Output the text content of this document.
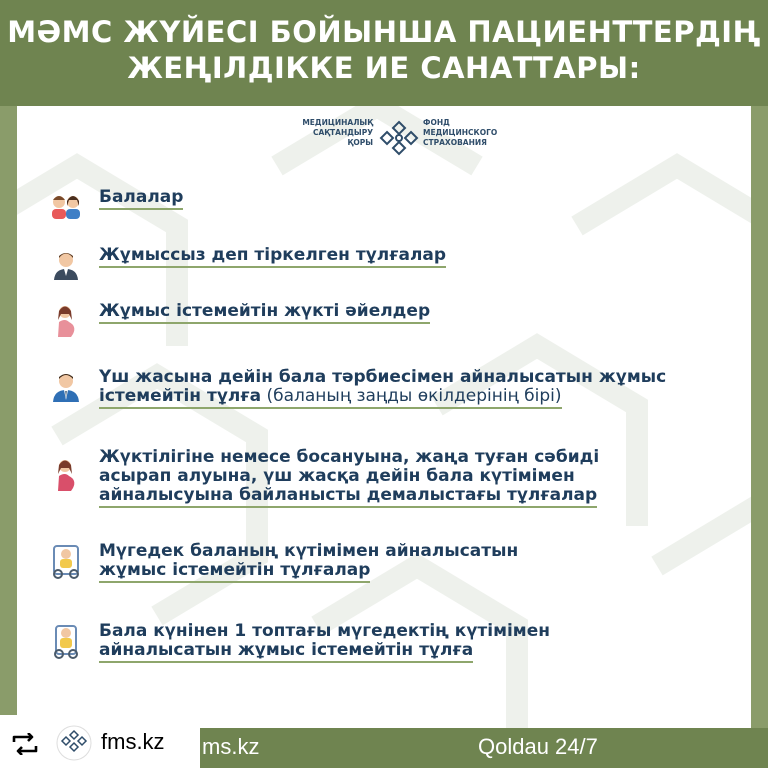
МӘМС ЖҮЙЕСІ БОЙЫНША ПАЦИЕНТТЕРДІҢ
ЖЕҢІЛДІККЕ ИЕ САНАТТАРЫ:
МЕДИЦИНАЛЫҚ
САҚТАНДЫРУ
ҚОРЫ
ФОНД
МЕДИЦИНСКОГО
СТРАХОВАНИЯ
Балалар
Жұмыссыз деп тіркелген тұлғалар
Жұмыс істемейтін жүкті әйелдер
Үш жасына дейін бала тәрбиесімен айналысатын жұмыс
істемейтін тұлға (баланың заңды өкілдерінің бірі)
Жүктілігіне немесе босануына, жаңа туған сәбиді
асырап алуына, үш жасқа дейін бала күтімімен
айналысуына байланысты демалыстағы тұлғалар
Мүгедек баланың күтімімен айналысатын
жұмыс істемейтін тұлғалар
Бала күнінен 1 топтағы мүгедектің күтімімен
айналысатын жұмыс істемейтін тұлға
ms.kz	Qoldau 24/7
fms.kz
